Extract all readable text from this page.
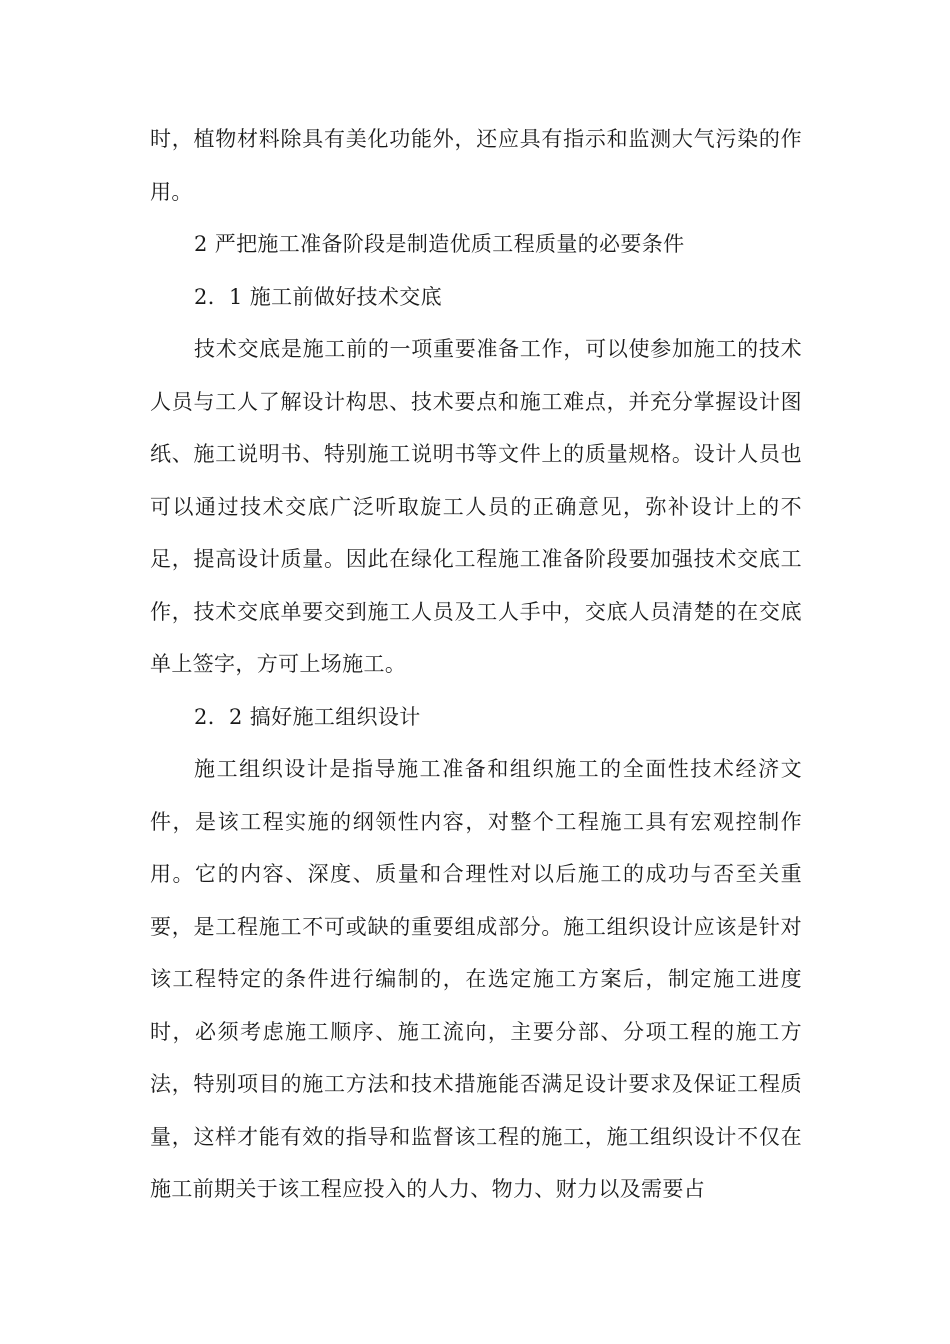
时，植物材料除具有美化功能外，还应具有指示和监测大气污染的作用。

2 严把施工准备阶段是制造优质工程质量的必要条件

2．1 施工前做好技术交底

技术交底是施工前的一项重要准备工作，可以使参加施工的技术人员与工人了解设计构思、技术要点和施工难点，并充分掌握设计图纸、施工说明书、特别施工说明书等文件上的质量规格。设计人员也可以通过技术交底广泛听取旋工人员的正确意见，弥补设计上的不足，提高设计质量。因此在绿化工程施工准备阶段要加强技术交底工作，技术交底单要交到施工人员及工人手中，交底人员清楚的在交底单上签字，方可上场施工。

2．2 搞好施工组织设计

施工组织设计是指导施工准备和组织施工的全面性技术经济文件，是该工程实施的纲领性内容，对整个工程施工具有宏观控制作用。它的内容、深度、质量和合理性对以后施工的成功与否至关重要，是工程施工不可或缺的重要组成部分。施工组织设计应该是针对该工程特定的条件进行编制的，在选定施工方案后，制定施工进度时，必须考虑施工顺序、施工流向，主要分部、分项工程的施工方法，特别项目的施工方法和技术措施能否满足设计要求及保证工程质量，这样才能有效的指导和监督该工程的施工，施工组织设计不仅在施工前期关于该工程应投入的人力、物力、财力以及需要占
